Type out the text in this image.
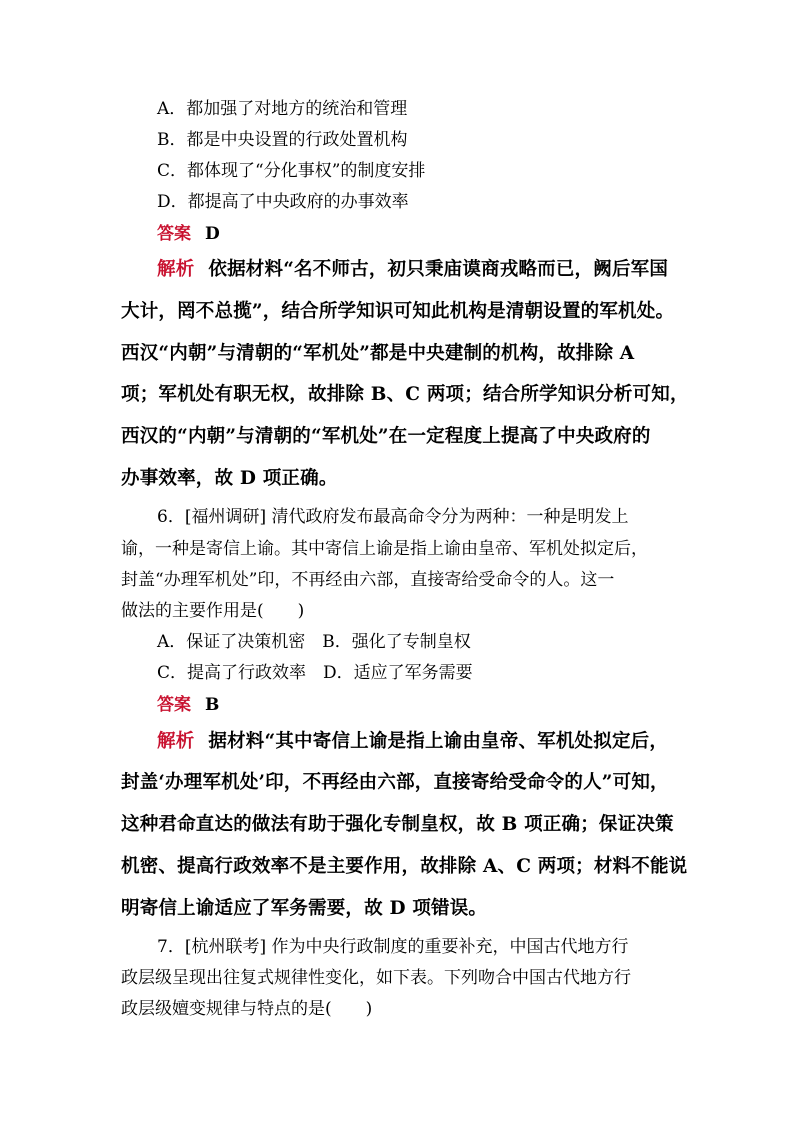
A．都加强了对地方的统治和管理
B．都是中央设置的行政处置机构
C．都体现了“分化事权”的制度安排
D．都提高了中央政府的办事效率
答案 D
解析 依据材料“名不师古，初只秉庙谟商戎略而已，阙后军国
大计，罔不总揽”，结合所学知识可知此机构是清朝设置的军机处。
西汉“内朝”与清朝的“军机处”都是中央建制的机构，故排除 A
项；军机处有职无权，故排除 B、C 两项；结合所学知识分析可知，
西汉的“内朝”与清朝的“军机处”在一定程度上提高了中央政府的
办事效率，故 D 项正确。
6．[福州调研] 清代政府发布最高命令分为两种：一种是明发上
谕，一种是寄信上谕。其中寄信上谕是指上谕由皇帝、军机处拟定后，
封盖“办理军机处”印，不再经由六部，直接寄给受命令的人。这一
做法的主要作用是(　　)
A．保证了决策机密　B．强化了专制皇权
C．提高了行政效率　D．适应了军务需要
答案 B
解析 据材料“其中寄信上谕是指上谕由皇帝、军机处拟定后，
封盖‘办理军机处’印，不再经由六部，直接寄给受命令的人”可知，
这种君命直达的做法有助于强化专制皇权，故 B 项正确；保证决策
机密、提高行政效率不是主要作用，故排除 A、C 两项；材料不能说
明寄信上谕适应了军务需要，故 D 项错误。
7．[杭州联考] 作为中央行政制度的重要补充，中国古代地方行
政层级呈现出往复式规律性变化，如下表。下列吻合中国古代地方行
政层级嬗变规律与特点的是(　　)
